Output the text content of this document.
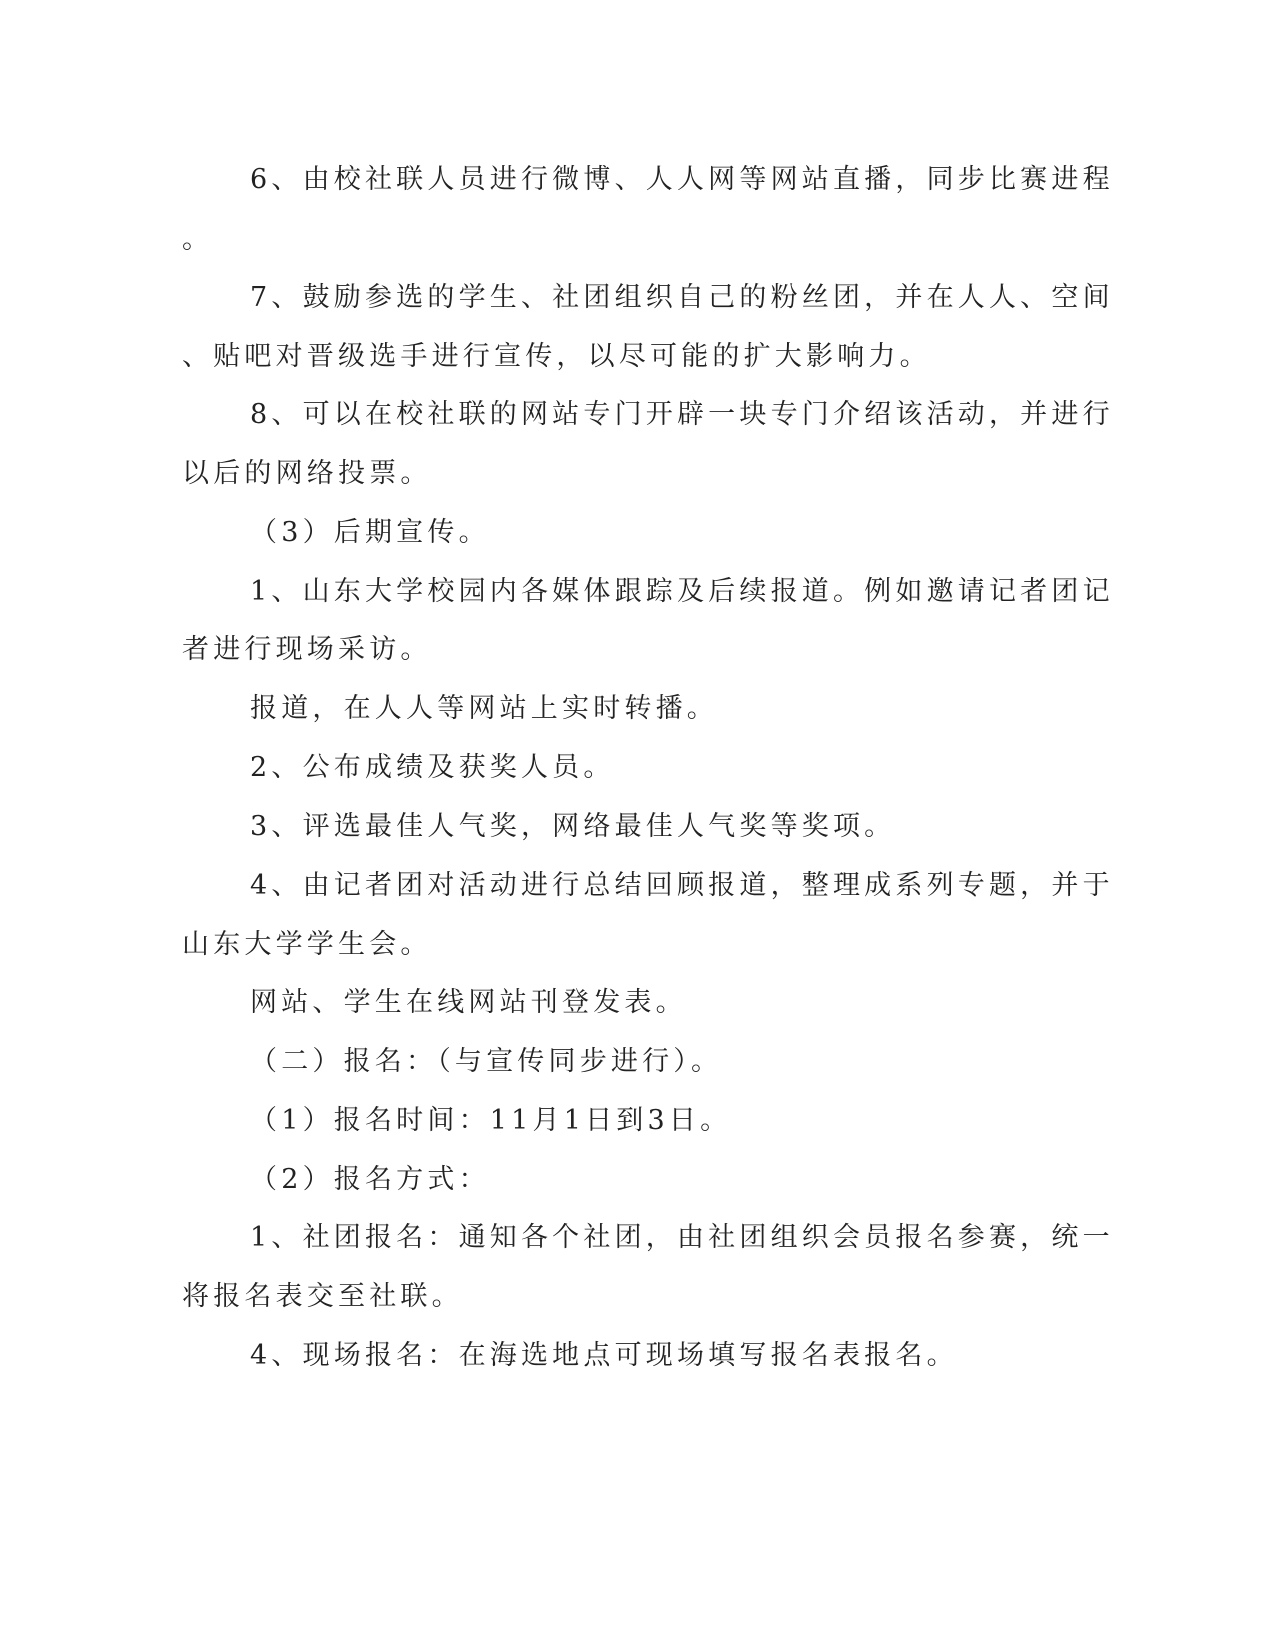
6、由校社联人员进行微博、人人网等网站直播，同步比赛进程
。
7、鼓励参选的学生、社团组织自己的粉丝团，并在人人、空间
、贴吧对晋级选手进行宣传，以尽可能的扩大影响力。
8、可以在校社联的网站专门开辟一块专门介绍该活动，并进行
以后的网络投票。
（3）后期宣传。
1、山东大学校园内各媒体跟踪及后续报道。例如邀请记者团记
者进行现场采访。
报道，在人人等网站上实时转播。
2、公布成绩及获奖人员。
3、评选最佳人气奖，网络最佳人气奖等奖项。
4、由记者团对活动进行总结回顾报道，整理成系列专题，并于
山东大学学生会。
网站、学生在线网站刊登发表。
（二）报名：（与宣传同步进行）。
（1）报名时间：11月1日到3日。
（2）报名方式：
1、社团报名：通知各个社团，由社团组织会员报名参赛，统一
将报名表交至社联。
4、现场报名：在海选地点可现场填写报名表报名。
